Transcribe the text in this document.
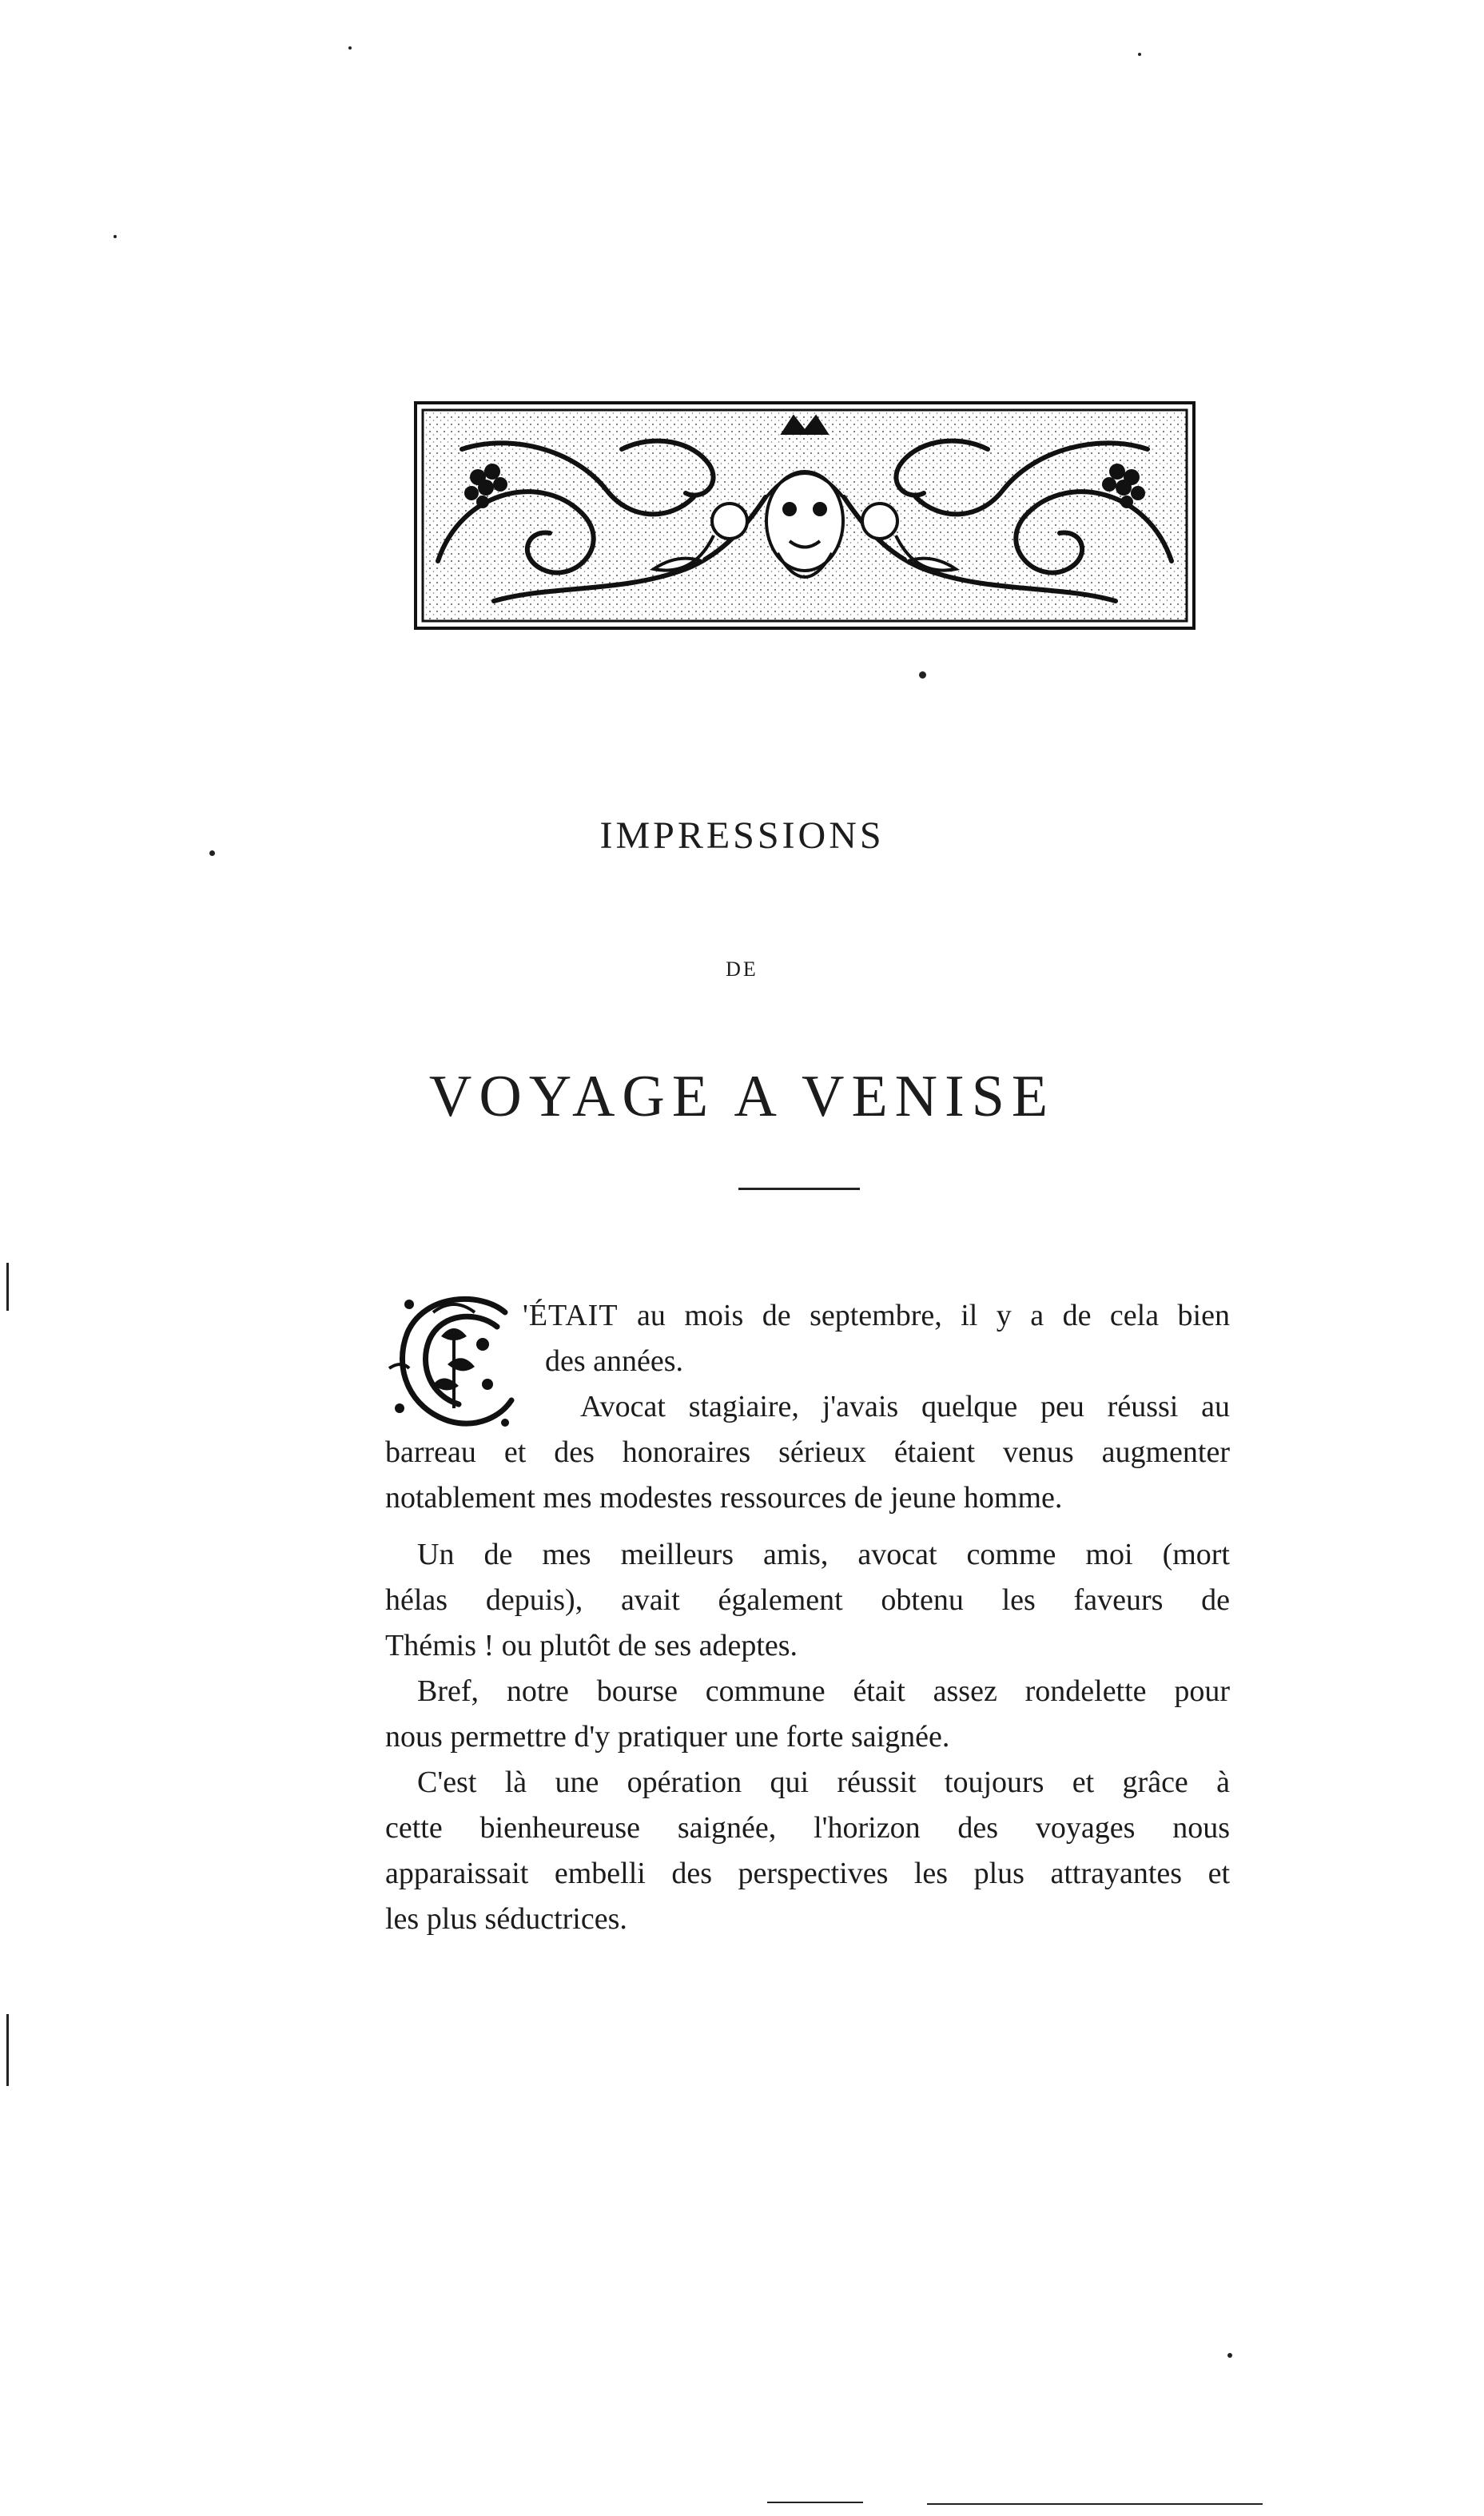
IMPRESSIONS
DE
VOYAGE A VENISE
'ÉTAIT au mois de septembre, il y a de cela bien
des années.
Avocat stagiaire, j'avais quelque peu réussi au
barreau et des honoraires sérieux étaient venus augmenter
notablement mes modestes ressources de jeune homme.
Un de mes meilleurs amis, avocat comme moi (mort
hélas depuis), avait également obtenu les faveurs de
Thémis ! ou plutôt de ses adeptes.
Bref, notre bourse commune était assez rondelette pour
nous permettre d'y pratiquer une forte saignée.
C'est là une opération qui réussit toujours et grâce à
cette bienheureuse saignée, l'horizon des voyages nous
apparaissait embelli des perspectives les plus attrayantes et
les plus séductrices.
